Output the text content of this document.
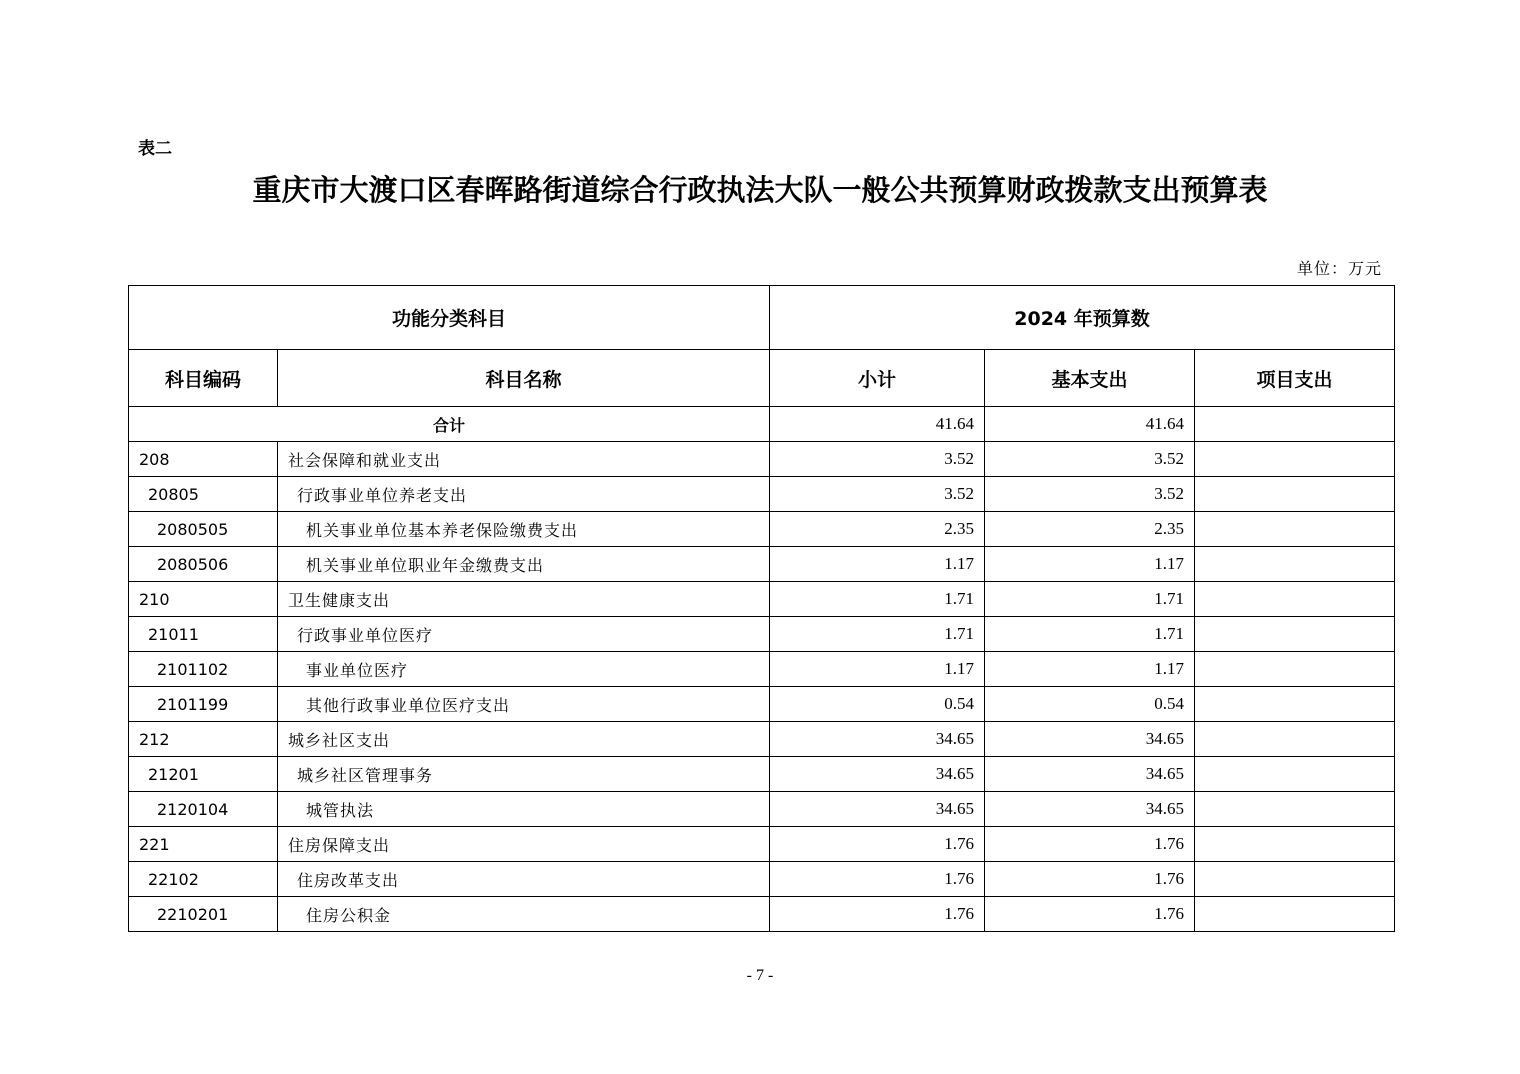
表二
重庆市大渡口区春晖路街道综合行政执法大队一般公共预算财政拨款支出预算表
单位：万元
功能分类科目		2024 年预算数		
科目编码	科目名称	小计	基本支出	项目支出
合计		41.64	41.64	
208	社会保障和就业支出	3.52	3.52	
20805	行政事业单位养老支出	3.52	3.52	
2080505	机关事业单位基本养老保险缴费支出	2.35	2.35	
2080506	机关事业单位职业年金缴费支出	1.17	1.17	
210	卫生健康支出	1.71	1.71	
21011	行政事业单位医疗	1.71	1.71	
2101102	事业单位医疗	1.17	1.17	
2101199	其他行政事业单位医疗支出	0.54	0.54	
212	城乡社区支出	34.65	34.65	
21201	城乡社区管理事务	34.65	34.65	
2120104	城管执法	34.65	34.65	
221	住房保障支出	1.76	1.76	
22102	住房改革支出	1.76	1.76	
2210201	住房公积金	1.76	1.76	
- 7 -
